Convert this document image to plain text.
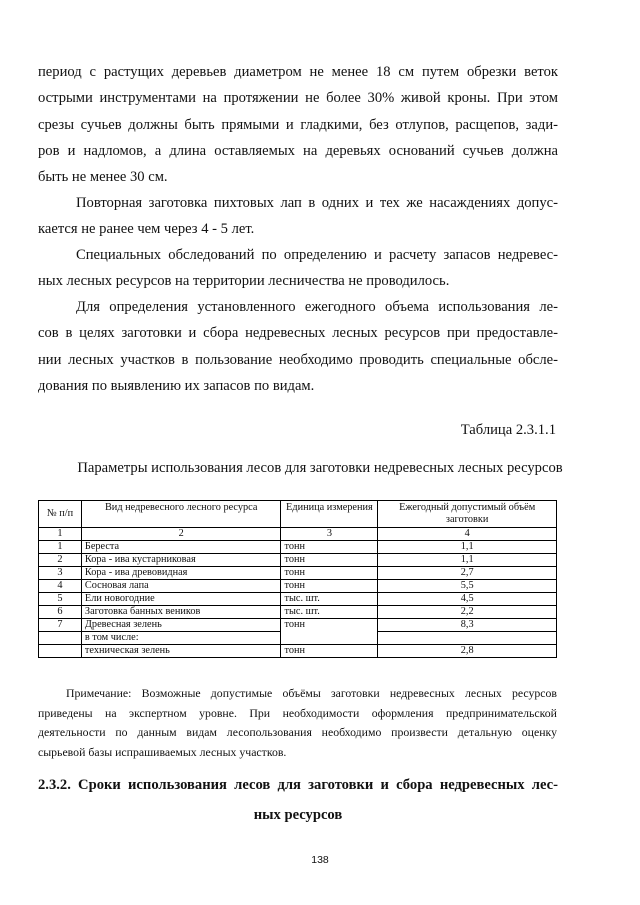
период с растущих деревьев диаметром не менее 18 см путем обрезки веток
острыми инструментами на протяжении не более 30% живой кроны. При этом
срезы сучьев должны быть прямыми и гладкими, без отлупов, расщепов, зади-
ров и надломов, а длина оставляемых на деревьях оснований сучьев должна
быть не менее 30 см.

Повторная заготовка пихтовых лап в одних и тех же насаждениях допус-
кается не ранее чем через 4 - 5 лет.

Специальных обследований по определению и расчету запасов недревес-
ных лесных ресурсов на территории лесничества не проводилось.

Для определения установленного ежегодного объема использования ле-
сов в целях заготовки и сбора недревесных лесных ресурсов при предоставле-
нии лесных участков в пользование необходимо проводить специальные обсле-
дования по выявлению их запасов по видам.

Таблица 2.3.1.1
Параметры использования лесов для заготовки недревесных лесных ресурсов
№ п/п	Вид недревесного лесного ресурса	Единица измерения	Ежегодный допустимый объём заготовки
1	2	3	4
1	Береста	тонн	1,1
2	Кора - ива кустарниковая	тонн	1,1
3	Кора - ива древовидная	тонн	2,7
4	Сосновая лапа	тонн	5,5
5	Ели новогодние	тыс. шт.	4,5
6	Заготовка банных веников	тыс. шт.	2,2
7	Древесная зелень	тонн	8,3
	в том числе:		
	техническая зелень	тонн	2,8
Примечание: Возможные допустимые объёмы заготовки недревесных лесных ресурсов
приведены на экспертном уровне. При необходимости оформления предпринимательской
деятельности по данным видам лесопользования необходимо произвести детальную оценку
сырьевой базы испрашиваемых лесных участков.
2.3.2. Сроки использования лесов для заготовки и сбора недревесных лес-
ных ресурсов
138
